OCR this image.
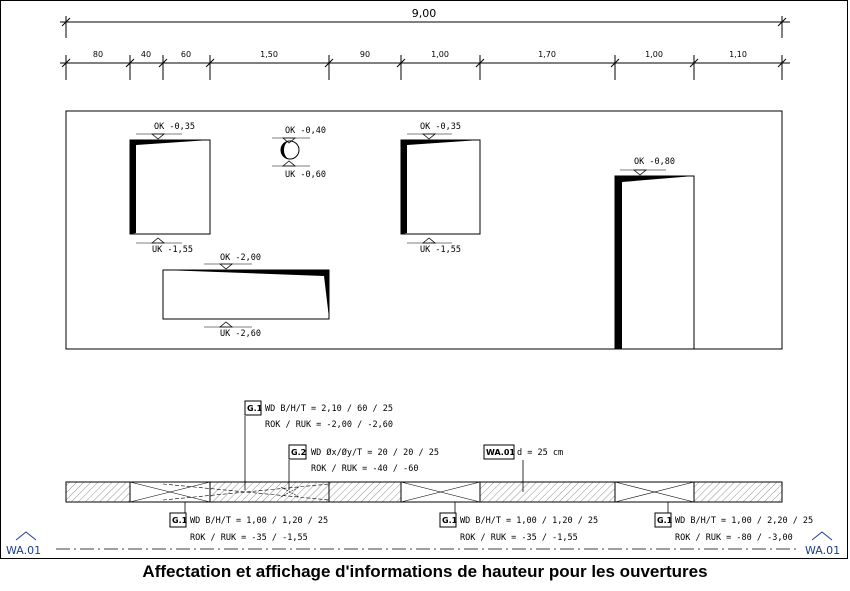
9,00
80	40	60	1,50	90	1,00	1,70	1,00	1,10
OK -0,35
UK -1,55
OK -0,40
UK -0,60
OK -0,35
UK -1,55
OK -0,80
OK -2,00
UK -2,60
G.1 WD B/H/T = 2,10 / 60 / 25
ROK / RUK = -2,00 / -2,60
G.2 WD Øx/Øy/T = 20 / 20 / 25
ROK / RUK = -40 / -60
WA.01 d = 25 cm
G.1 WD B/H/T = 1,00 / 1,20 / 25
ROK / RUK = -35 / -1,55
G.1 WD B/H/T = 1,00 / 1,20 / 25
ROK / RUK = -35 / -1,55
G.1 WD B/H/T = 1,00 / 2,20 / 25
ROK / RUK = -80 / -3,00
WA.01	WA.01
Affectation et affichage d'informations de hauteur pour les ouvertures
